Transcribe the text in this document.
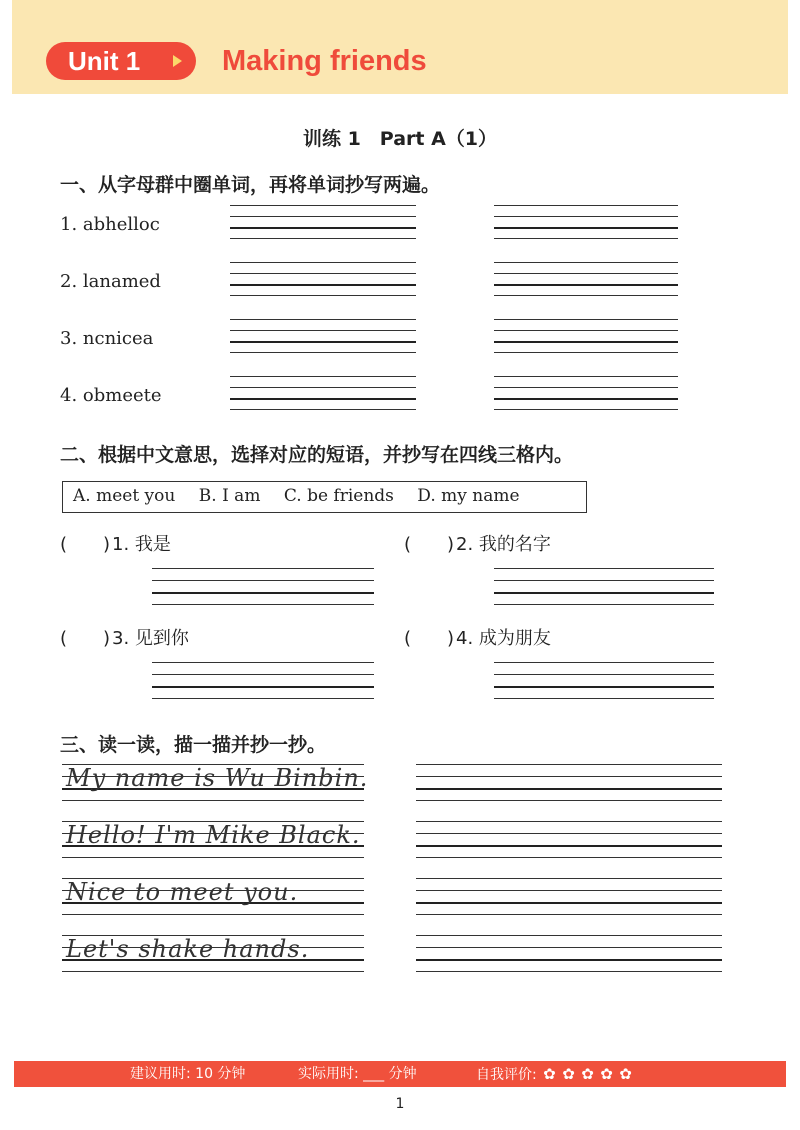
Unit 1	Making friends
训练 1　Part A（1）
一、从字母群中圈单词，再将单词抄写两遍。
1. abhelloc
2. lanamed
3. ncnicea
4. obmeete
二、根据中文意思，选择对应的短语，并抄写在四线三格内。
A. meet you B. I am C. be friends D. my name
(　　) 1. 我是	(　　) 2. 我的名字
(　　) 3. 见到你	(　　) 4. 成为朋友
三、读一读，描一描并抄一抄。
My name is Wu Binbin.
Hello! I'm Mike Black.
Nice to meet you.
Let's shake hands.
建议用时: 10 分钟	实际用时: ___ 分钟	自我评价: ✿ ✿ ✿ ✿ ✿
1
